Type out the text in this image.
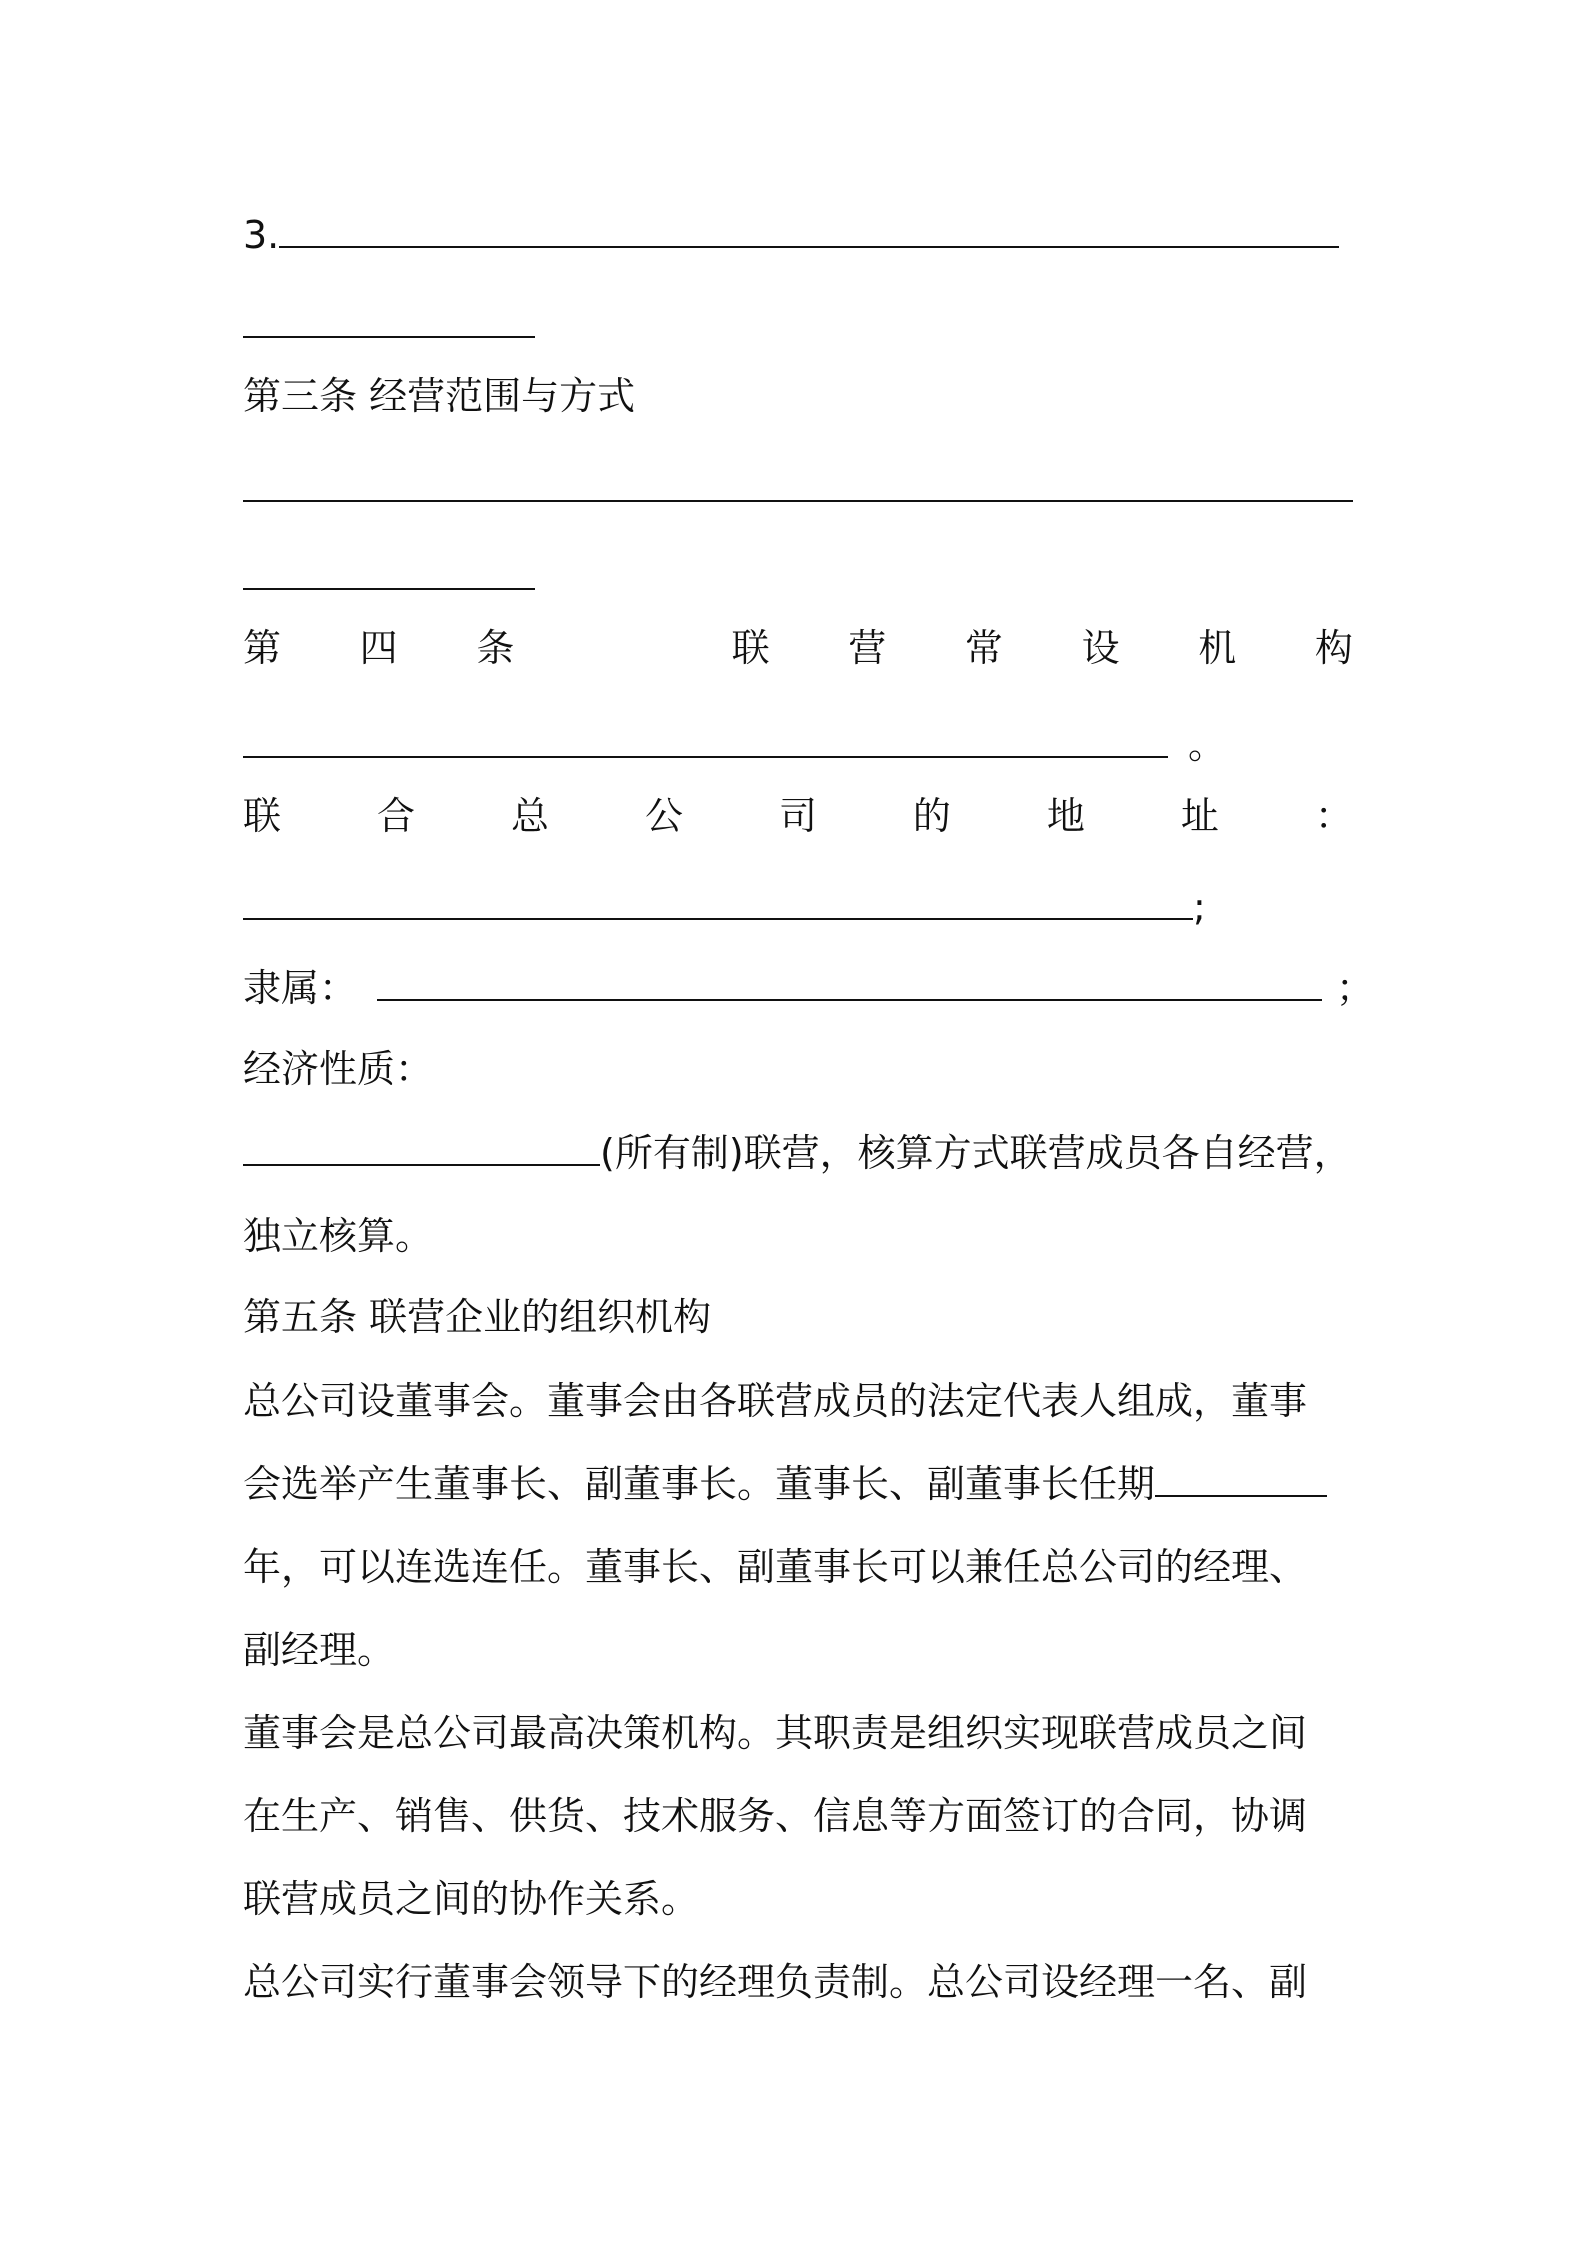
3.
第三条 经营范围与方式
第 四 条	联 营 常 设 机 构
。
联	合	总	公	司	的	地	址	：
;
隶属：	；
经济性质：
(所有制)联营，核算方式联营成员各自经营，
独立核算。
第五条 联营企业的组织机构
总公司设董事会。董事会由各联营成员的法定代表人组成，董事
会选举产生董事长、副董事长。董事长、副董事长任期
年，可以连选连任。董事长、副董事长可以兼任总公司的经理、
副经理。
董事会是总公司最高决策机构。其职责是组织实现联营成员之间
在生产、销售、供货、技术服务、信息等方面签订的合同，协调
联营成员之间的协作关系。
总公司实行董事会领导下的经理负责制。总公司设经理一名、副
